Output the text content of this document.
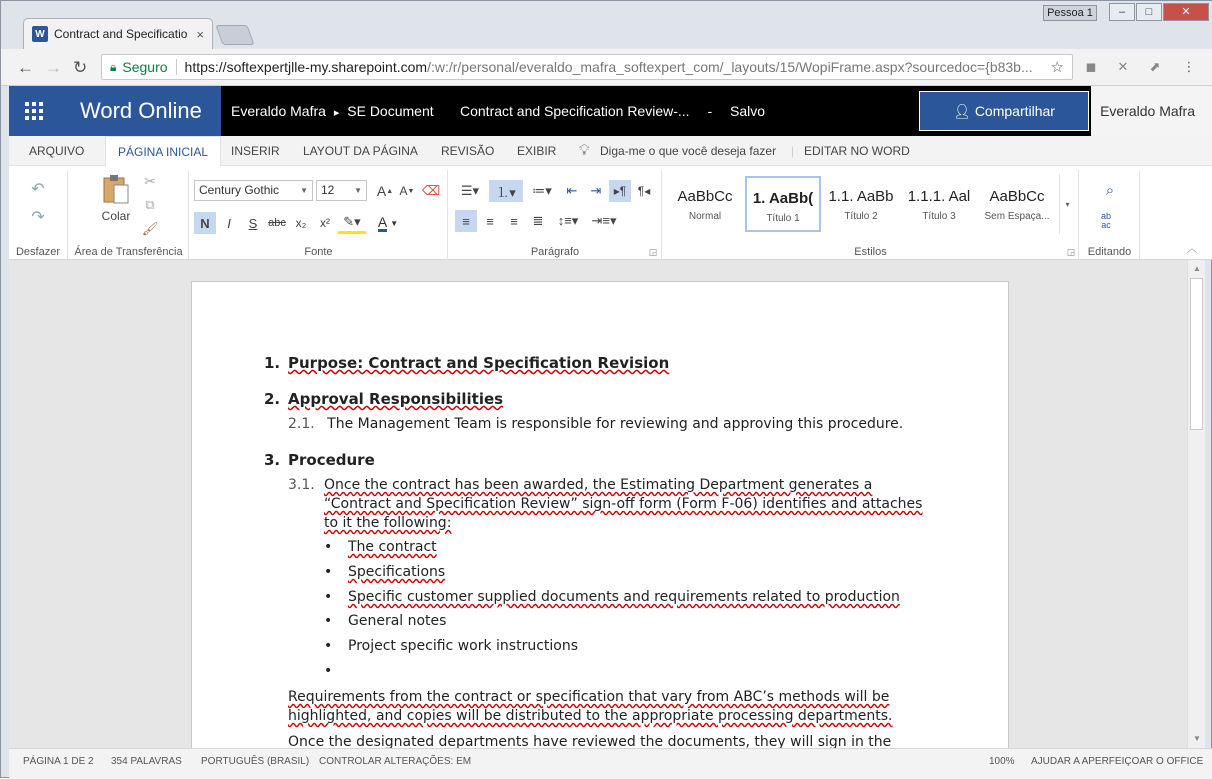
W Contract and Specificatio ×
Pessoa 1	–	□	✕
← → ↻ 🔒︎ Seguro https://softexpertjlle-my.sharepoint.com /:w:/r/personal/everaldo_mafra_softexpert_com/_layouts/15/WopiFrame.aspx?sourcedoc={b83b... ☆ ◼ ✕ ⬈ ⋮
Word Online	Everaldo Mafra ▸ SE Document Contract and Specification Review-... - Salvo	👤︎ Compartilhar	Everaldo Mafra
ARQUIVO	PÁGINA INICIAL	INSERIR LAYOUT DA PÁGINA REVISÃO EXIBIR 💡︎ Diga-me o que você deseja fazer | EDITAR NO WORD
↶
↷
Desfazer
Colar
✂
⧉
🖌︎
Área de Transferência
Century Gothic	▼	12 ▼ A ▲ A ▼ ⌫
N	I	S abc x₂	x²	✎▾	A ▼
Fonte
☰▾	⒈▾	≔▾	⇤	⇥	▸¶ ¶◂
≡	≡	≡	≣	↕≡▾	⇥≡▾
◲
Parágrafo
AaBbCc
Normal
1. AaBb(
Título 1
1.1. AaBb
Título 2
1.1.1. Aal
Título 3
AaBbCc
Sem Espaça...
▾
◲
Estilos
⌕
ab ac
Editando	︿
1. Purpose: Contract and Specification Revision
2. Approval Responsibilities
2.1. The Management Team is responsible for reviewing and approving this procedure.
3. Procedure
3.1. Once the contract has been awarded, the Estimating Department generates a
“Contract and Specification Review” sign-off form (Form F-06) identifies and attaches
to it the following:
• The contract
• Specifications
• Specific customer supplied documents and requirements related to production
• General notes
• Project specific work instructions
•
Requirements from the contract or specification that vary from ABC’s methods will be
highlighted, and copies will be distributed to the appropriate processing departments.
Once the designated departments have reviewed the documents, they will sign in the
▲
▼
PÁGINA 1 DE 2 354 PALAVRAS PORTUGUÊS (BRASIL) CONTROLAR ALTERAÇÕES: EM	100% AJUDAR A APERFEIÇOAR O OFFICE
